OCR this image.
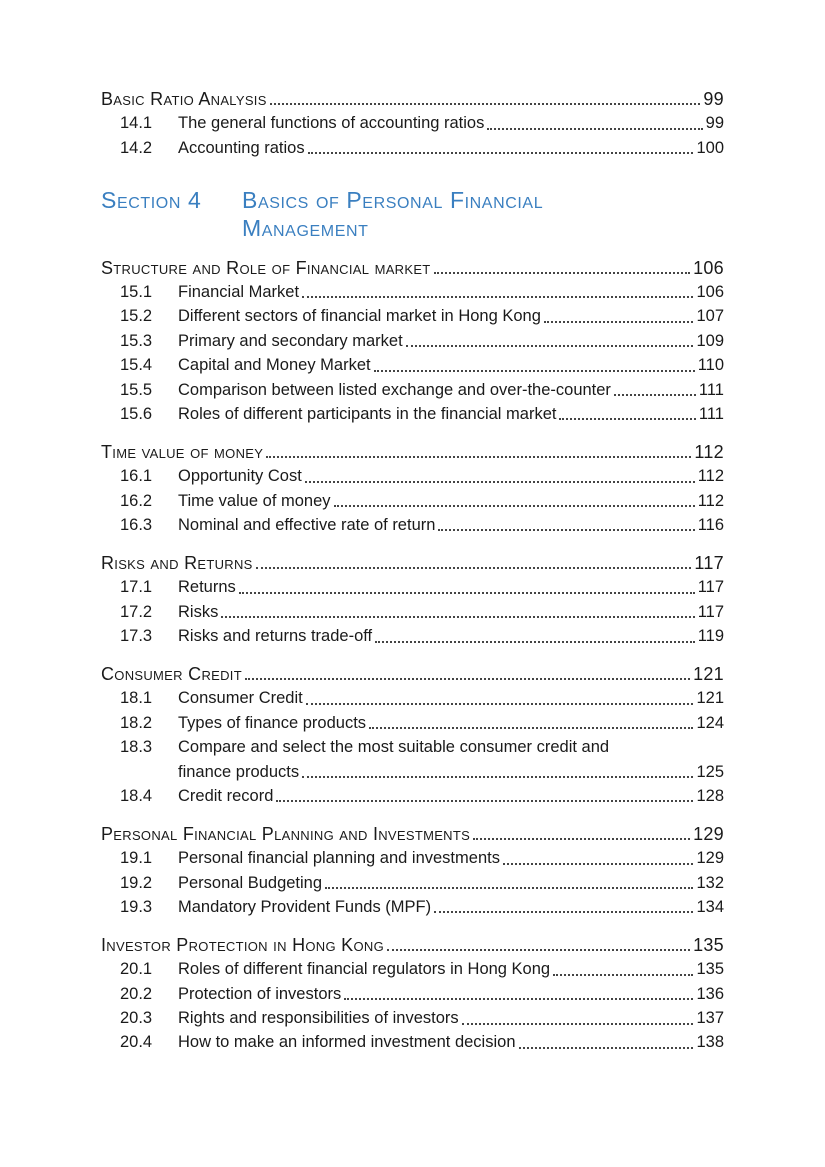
Basic Ratio Analysis	99
14.1	The general functions of accounting ratios	99
14.2	Accounting ratios	100
Section 4	Basics of Personal Financial
Management
Structure and Role of Financial market	106
15.1	Financial Market	106
15.2	Different sectors of financial market in Hong Kong	107
15.3	Primary and secondary market	109
15.4	Capital and Money Market	110
15.5	Comparison between listed exchange and over-the-counter	111
15.6	Roles of different participants in the financial market	111
Time value of money	112
16.1	Opportunity Cost	112
16.2	Time value of money	112
16.3	Nominal and effective rate of return	116
Risks and Returns	117
17.1	Returns	117
17.2	Risks	117
17.3	Risks and returns trade-off	119
Consumer Credit	121
18.1	Consumer Credit	121
18.2	Types of finance products	124
18.3	Compare and select the most suitable consumer credit and
finance products	125
18.4	Credit record	128
Personal Financial Planning and Investments	129
19.1	Personal financial planning and investments	129
19.2	Personal Budgeting	132
19.3	Mandatory Provident Funds (MPF)	134
Investor Protection in Hong Kong	135
20.1	Roles of different financial regulators in Hong Kong	135
20.2	Protection of investors	136
20.3	Rights and responsibilities of investors	137
20.4	How to make an informed investment decision	138
